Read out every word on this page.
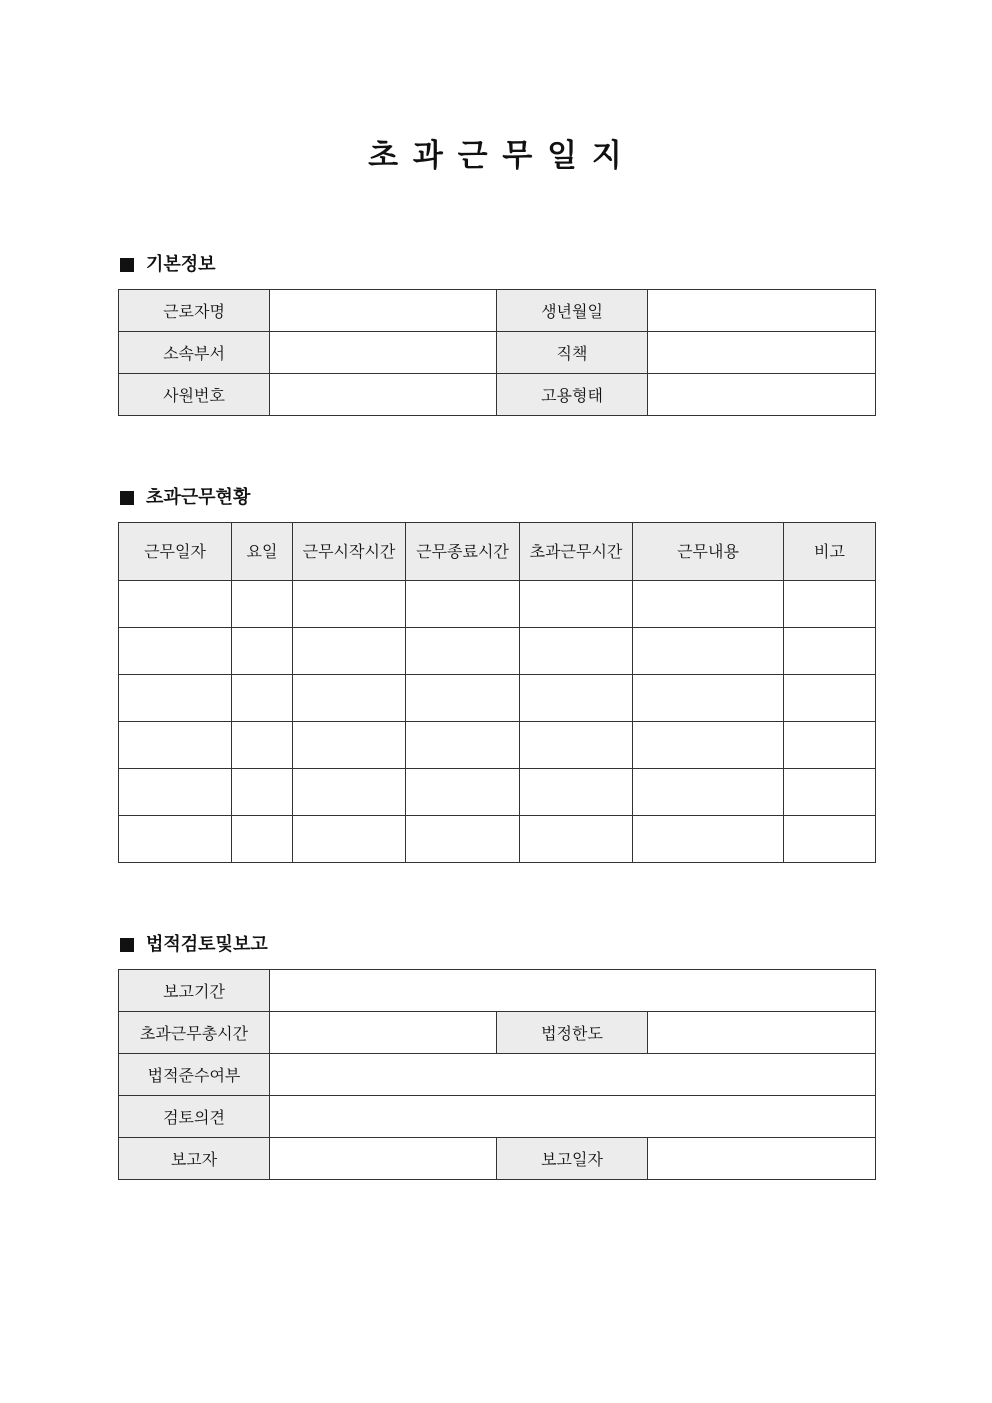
초 과 근 무 일 지
기본정보
근로자명		생년월일	
소속부서		직책	
사원번호		고용형태	
초과근무현황
근무일자	요일	근무시작시간	근무종료시간	초과근무시간	근무내용	비고

법적검토및보고
보고기간			
초과근무총시간		법정한도	
법적준수여부			
검토의견			
보고자		보고일자	
